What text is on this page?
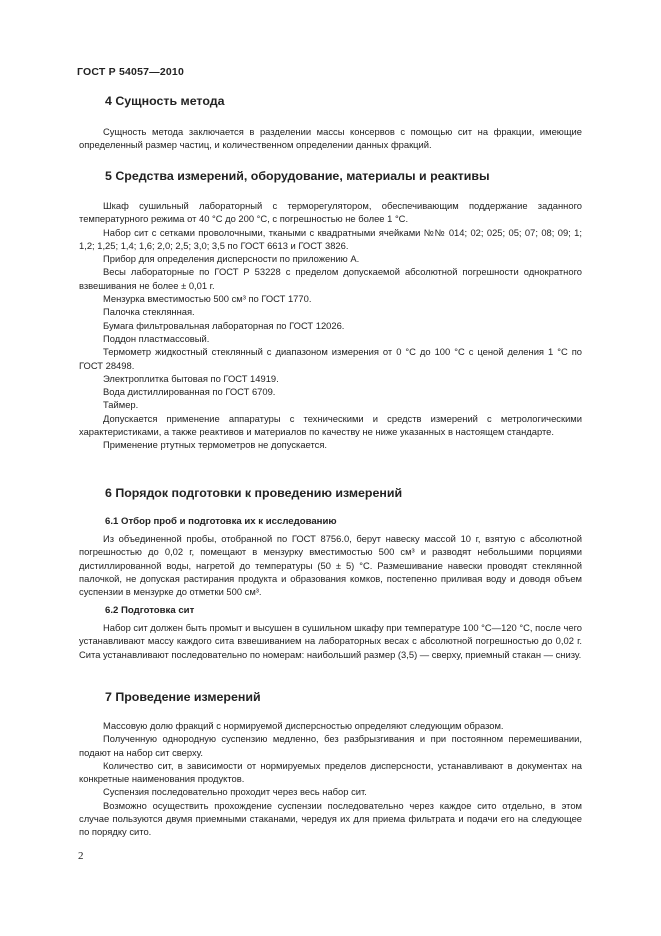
ГОСТ Р 54057—2010
4 Сущность метода

Сущность метода заключается в разделении массы консервов с помощью сит на фракции, имеющие определенный размер частиц, и количественном определении данных фракций.

5 Средства измерений, оборудование, материалы и реактивы

Шкаф сушильный лабораторный с терморегулятором, обеспечивающим поддержание заданного температурного режима от 40 °С до 200 °С, с погрешностью не более 1 °С.

Набор сит с сетками проволочными, ткаными с квадратными ячейками №№ 014; 02; 025; 05; 07; 08; 09; 1; 1,2; 1,25; 1,4; 1,6; 2,0; 2,5; 3,0; 3,5 по ГОСТ 6613 и ГОСТ 3826.

Прибор для определения дисперсности по приложению А.

Весы лабораторные по ГОСТ Р 53228 с пределом допускаемой абсолютной погрешности однократного взвешивания не более ± 0,01 г.

Мензурка вместимостью 500 см³ по ГОСТ 1770.

Палочка стеклянная.

Бумага фильтровальная лабораторная по ГОСТ 12026.

Поддон пластмассовый.

Термометр жидкостный стеклянный с диапазоном измерения от 0 °С до 100 °С с ценой деления 1 °С по ГОСТ 28498.

Электроплитка бытовая по ГОСТ 14919.

Вода дистиллированная по ГОСТ 6709.

Таймер.

Допускается применение аппаратуры с техническими и средств измерений с метрологическими характеристиками, а также реактивов и материалов по качеству не ниже указанных в настоящем стандарте.

Применение ртутных термометров не допускается.

6 Порядок подготовки к проведению измерений
6.1 Отбор проб и подготовка их к исследованию

Из объединенной пробы, отобранной по ГОСТ 8756.0, берут навеску массой 10 г, взятую с абсолютной погрешностью до 0,02 г, помещают в мензурку вместимостью 500 см³ и разводят небольшими порциями дистиллированной воды, нагретой до температуры (50 ± 5) °С. Размешивание навески проводят стеклянной палочкой, не допуская растирания продукта и образования комков, постепенно приливая воду и доводя объем суспензии в мензурке до отметки 500 см³.

6.2 Подготовка сит

Набор сит должен быть промыт и высушен в сушильном шкафу при температуре 100 °С—120 °С, после чего устанавливают массу каждого сита взвешиванием на лабораторных весах с абсолютной погрешностью до 0,02 г. Сита устанавливают последовательно по номерам: наибольший размер (3,5) — сверху, приемный стакан — снизу.

7 Проведение измерений

Массовую долю фракций с нормируемой дисперсностью определяют следующим образом.

Полученную однородную суспензию медленно, без разбрызгивания и при постоянном перемешивании, подают на набор сит сверху.

Количество сит, в зависимости от нормируемых пределов дисперсности, устанавливают в документах на конкретные наименования продуктов.

Суспензия последовательно проходит через весь набор сит.

Возможно осуществить прохождение суспензии последовательно через каждое сито отдельно, в этом случае пользуются двумя приемными стаканами, чередуя их для приема фильтрата и подачи его на следующее по порядку сито.

2
